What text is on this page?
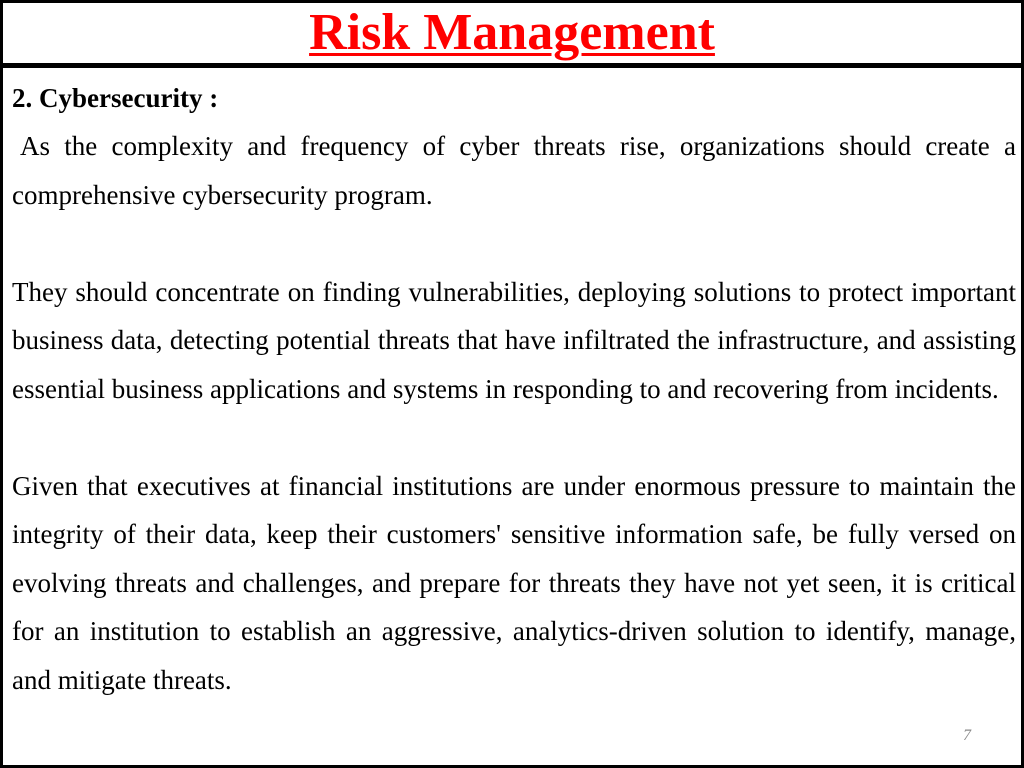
Risk Management

2. Cybersecurity :

As the complexity and frequency of cyber threats rise, organizations should create a comprehensive cybersecurity program.

They should concentrate on finding vulnerabilities, deploying solutions to protect important business data, detecting potential threats that have infiltrated the infrastructure, and assisting essential business applications and systems in responding to and recovering from incidents.

Given that executives at financial institutions are under enormous pressure to maintain the integrity of their data, keep their customers' sensitive information safe, be fully versed on evolving threats and challenges, and prepare for threats they have not yet seen, it is critical for an institution to establish an aggressive, analytics-driven solution to identify, manage, and mitigate threats.

7
